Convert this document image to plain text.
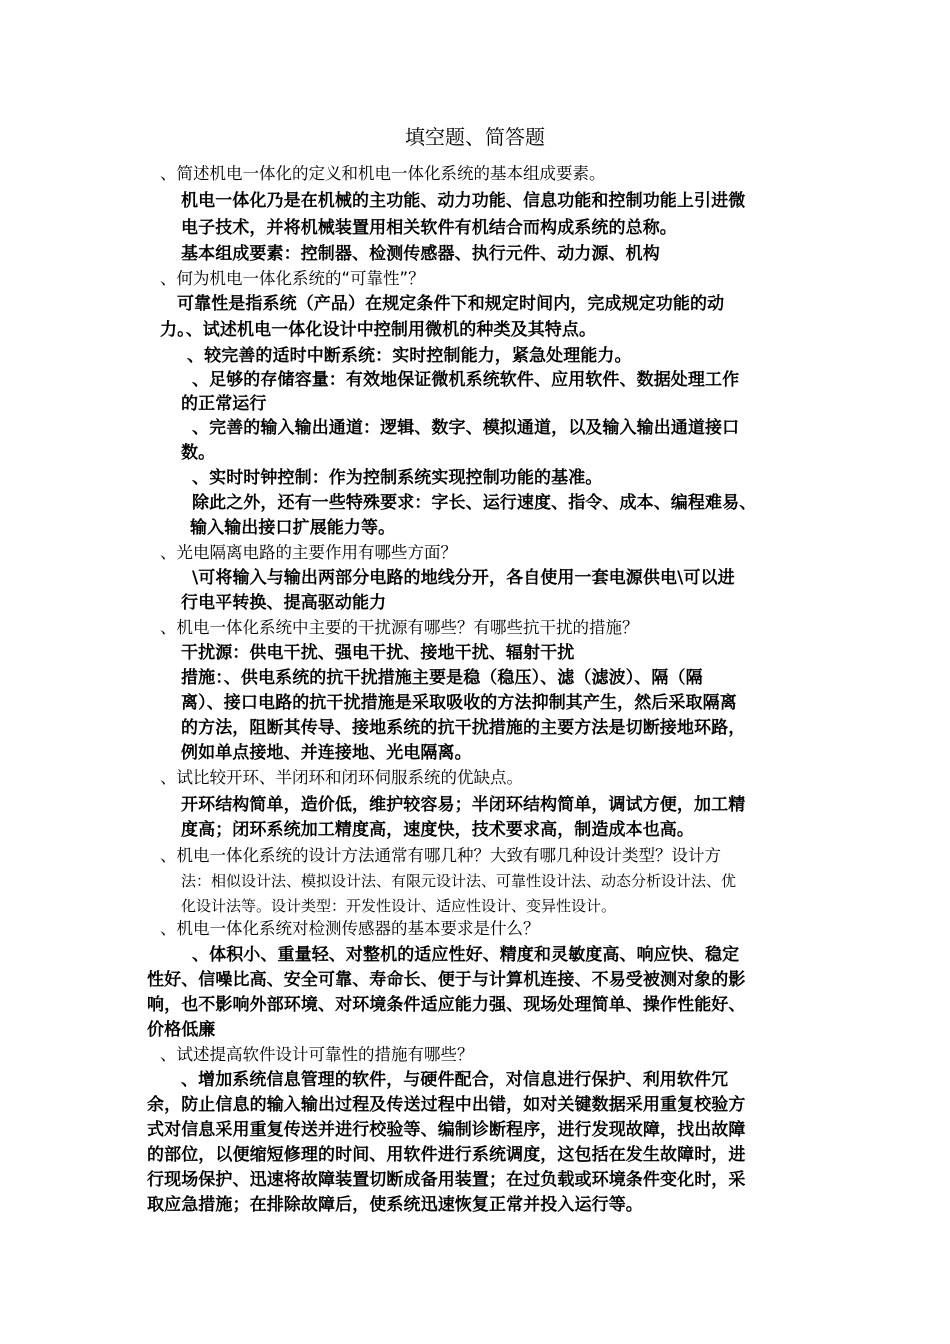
填空题、简答题
、简述机电一体化的定义和机电一体化系统的基本组成要素。
机电一体化乃是在机械的主功能、动力功能、信息功能和控制功能上引进微
电子技术，并将机械装置用相关软件有机结合而构成系统的总称。
基本组成要素：控制器、检测传感器、执行元件、动力源、机构
、何为机电一体化系统的“可靠性”？
可靠性是指系统（产品）在规定条件下和规定时间内，完成规定功能的动
力。、试述机电一体化设计中控制用微机的种类及其特点。
、较完善的适时中断系统：实时控制能力，紧急处理能力。
、足够的存储容量：有效地保证微机系统软件、应用软件、数据处理工作
的正常运行
、完善的输入输出通道：逻辑、数字、模拟通道，以及输入输出通道接口
数。
、实时时钟控制：作为控制系统实现控制功能的基准。
除此之外，还有一些特殊要求：字长、运行速度、指令、成本、编程难易、
输入输出接口扩展能力等。
、光电隔离电路的主要作用有哪些方面？
\可将输入与输出两部分电路的地线分开，各自使用一套电源供电\可以进
行电平转换、提高驱动能力
、机电一体化系统中主要的干扰源有哪些？有哪些抗干扰的措施？
干扰源：供电干扰、强电干扰、接地干扰、辐射干扰
措施：、供电系统的抗干扰措施主要是稳（稳压）、滤（滤波）、隔（隔
离）、接口电路的抗干扰措施是采取吸收的方法抑制其产生，然后采取隔离
的方法，阻断其传导、接地系统的抗干扰措施的主要方法是切断接地环路，
例如单点接地、并连接地、光电隔离。
、试比较开环、半闭环和闭环伺服系统的优缺点。
开环结构简单，造价低，维护较容易；半闭环结构简单，调试方便，加工精
度高；闭环系统加工精度高，速度快，技术要求高，制造成本也高。
、机电一体化系统的设计方法通常有哪几种？大致有哪几种设计类型？设计方
法：相似设计法、模拟设计法、有限元设计法、可靠性设计法、动态分析设计法、优
化设计法等。设计类型：开发性设计、适应性设计、变异性设计。
、机电一体化系统对检测传感器的基本要求是什么？
、体积小、重量轻、对整机的适应性好、精度和灵敏度高、响应快、稳定
性好、信噪比高、安全可靠、寿命长、便于与计算机连接、不易受被测对象的影
响，也不影响外部环境、对环境条件适应能力强、现场处理简单、操作性能好、
价格低廉
、试述提高软件设计可靠性的措施有哪些？
、增加系统信息管理的软件，与硬件配合，对信息进行保护、利用软件冗
余，防止信息的输入输出过程及传送过程中出错，如对关键数据采用重复校验方
式对信息采用重复传送并进行校验等、编制诊断程序，进行发现故障，找出故障
的部位，以便缩短修理的时间、用软件进行系统调度，这包括在发生故障时，进
行现场保护、迅速将故障装置切断成备用装置；在过负载或环境条件变化时，采
取应急措施；在排除故障后，使系统迅速恢复正常并投入运行等。
